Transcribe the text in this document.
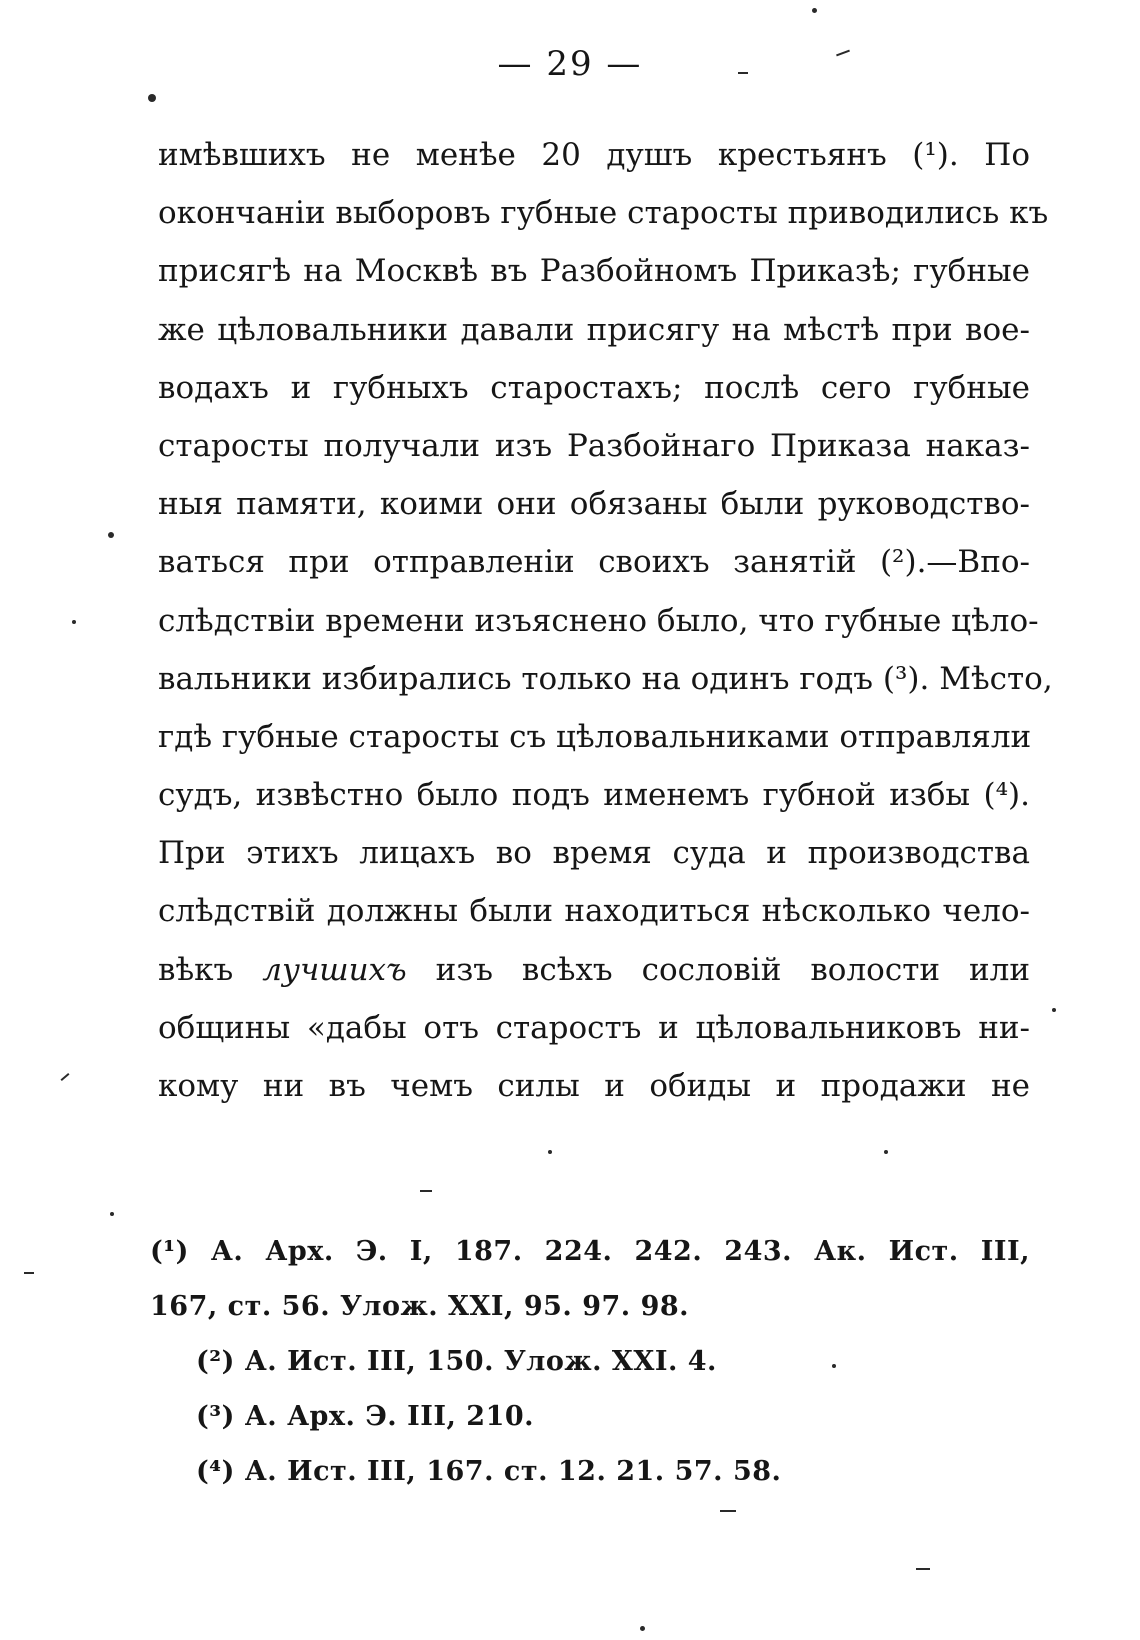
— 29 —
имѣвшихъ не менѣе 20 душъ крестьянъ (¹). По
окончаніи выборовъ губные старосты приводились къ
присягѣ на Москвѣ въ Разбойномъ Приказѣ; губные
же цѣловальники давали присягу на мѣстѣ при вое-
водахъ и губныхъ старостахъ; послѣ сего губные
старосты получали изъ Разбойнаго Приказа наказ-
ныя памяти, коими они обязаны были руководство-
ваться при отправленіи своихъ занятій (²).—Впо-
слѣдствіи времени изъяснено было, что губные цѣло-
вальники избирались только на одинъ годъ (³). Мѣсто,
гдѣ губные старосты съ цѣловальниками отправляли
судъ, извѣстно было подъ именемъ губной избы (⁴).
При этихъ лицахъ во время суда и производства
слѣдствій должны были находиться нѣсколько чело-
вѣкъ лучшихъ изъ всѣхъ сословій волости или
общины «дабы отъ старостъ и цѣловальниковъ ни-
кому ни въ чемъ силы и обиды и продажи не
(¹) А. Арх. Э. I, 187. 224. 242. 243. Ак. Ист. III,
167, ст. 56. Улож. XXI, 95. 97. 98.
(²) А. Ист. III, 150. Улож. XXI. 4.
(³) А. Арх. Э. III, 210.
(⁴) А. Ист. III, 167. ст. 12. 21. 57. 58.
